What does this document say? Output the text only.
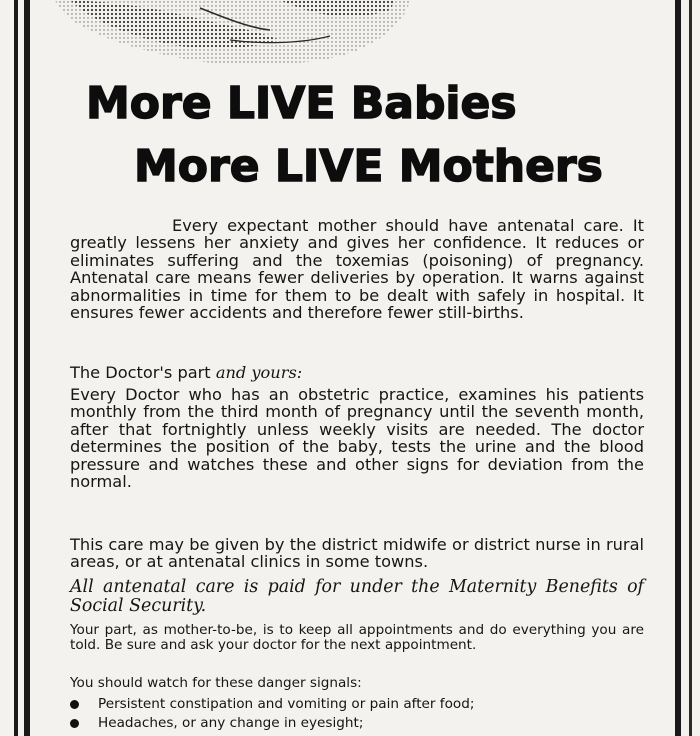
More LIVE Babies
More LIVE Mothers
Every expectant mother should have antenatal care. It greatly lessens her anxiety and gives her confidence. It reduces or eliminates suffering and the toxemias (poisoning) of pregnancy. Antenatal care means fewer deliveries by operation. It warns against abnormalities in time for them to be dealt with safely in hospital. It ensures fewer accidents and therefore fewer still-births.
The Doctor's part and yours:
Every Doctor who has an obstetric practice, examines his patients monthly from the third month of pregnancy until the seventh month, after that fortnightly unless weekly visits are needed. The doctor determines the position of the baby, tests the urine and the blood pressure and watches these and other signs for deviation from the normal.
This care may be given by the district midwife or district nurse in rural areas, or at antenatal clinics in some towns.
All antenatal care is paid for under the Maternity Benefits of Social Security.
Your part, as mother-to-be, is to keep all appointments and do everything you are told. Be sure and ask your doctor for the next appointment.
You should watch for these danger signals:
Persistent constipation and vomiting or pain after food;
Headaches, or any change in eyesight;
